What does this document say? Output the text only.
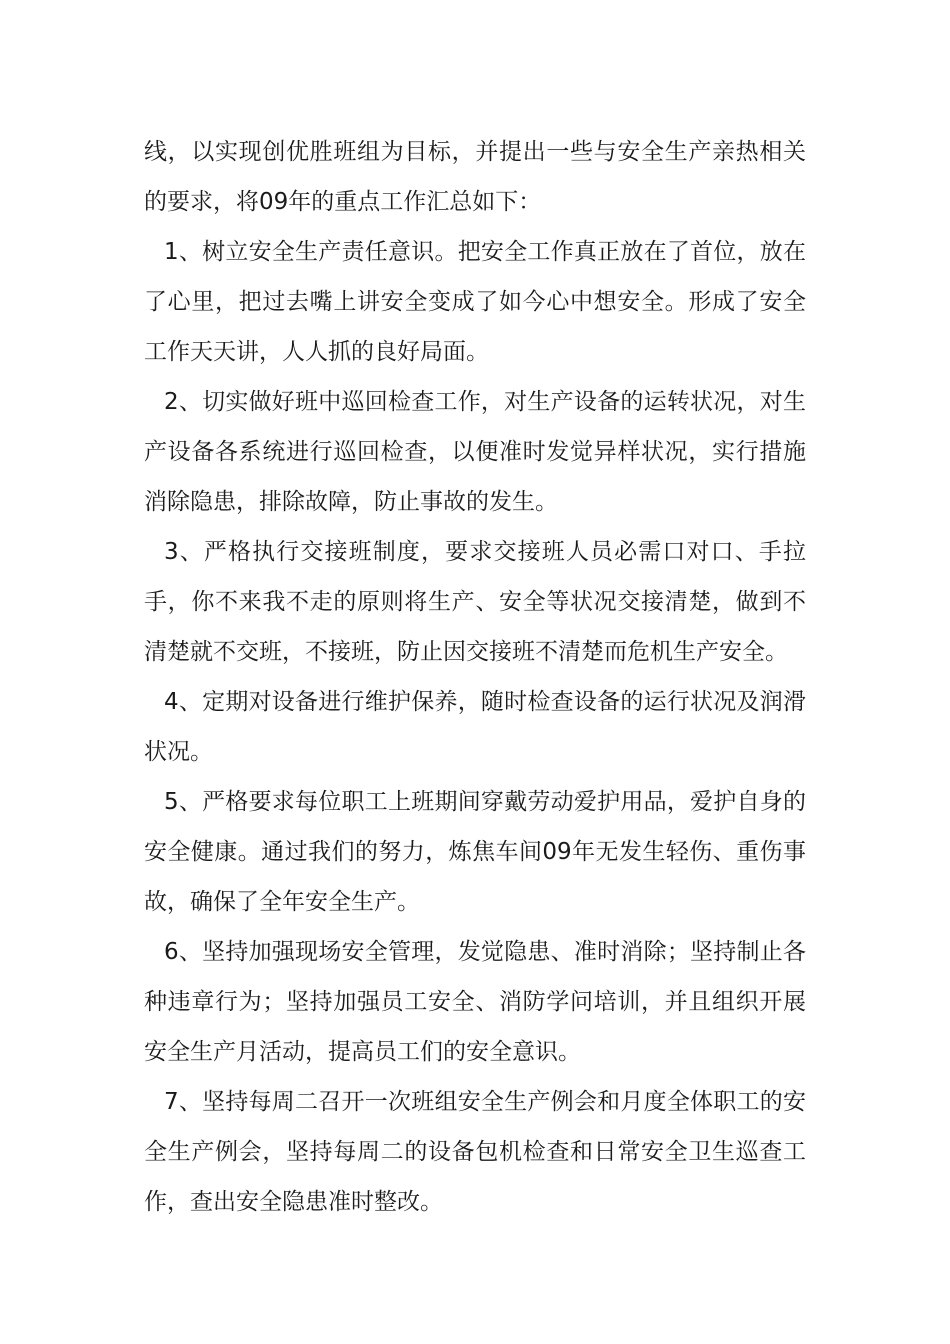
线，以实现创优胜班组为目标，并提出一些与安全生产亲热相关的要求，将09年的重点工作汇总如下：

1、树立安全生产责任意识。把安全工作真正放在了首位，放在了心里，把过去嘴上讲安全变成了如今心中想安全。形成了安全工作天天讲，人人抓的良好局面。

2、切实做好班中巡回检查工作，对生产设备的运转状况，对生产设备各系统进行巡回检查，以便准时发觉异样状况，实行措施消除隐患，排除故障，防止事故的发生。

3、严格执行交接班制度，要求交接班人员必需口对口、手拉手，你不来我不走的原则将生产、安全等状况交接清楚，做到不清楚就不交班，不接班，防止因交接班不清楚而危机生产安全。

4、定期对设备进行维护保养，随时检查设备的运行状况及润滑状况。

5、严格要求每位职工上班期间穿戴劳动爱护用品，爱护自身的安全健康。通过我们的努力，炼焦车间09年无发生轻伤、重伤事故，确保了全年安全生产。

6、坚持加强现场安全管理，发觉隐患、准时消除；坚持制止各种违章行为；坚持加强员工安全、消防学问培训，并且组织开展安全生产月活动，提高员工们的安全意识。

7、坚持每周二召开一次班组安全生产例会和月度全体职工的安全生产例会，坚持每周二的设备包机检查和日常安全卫生巡查工作，查出安全隐患准时整改。
